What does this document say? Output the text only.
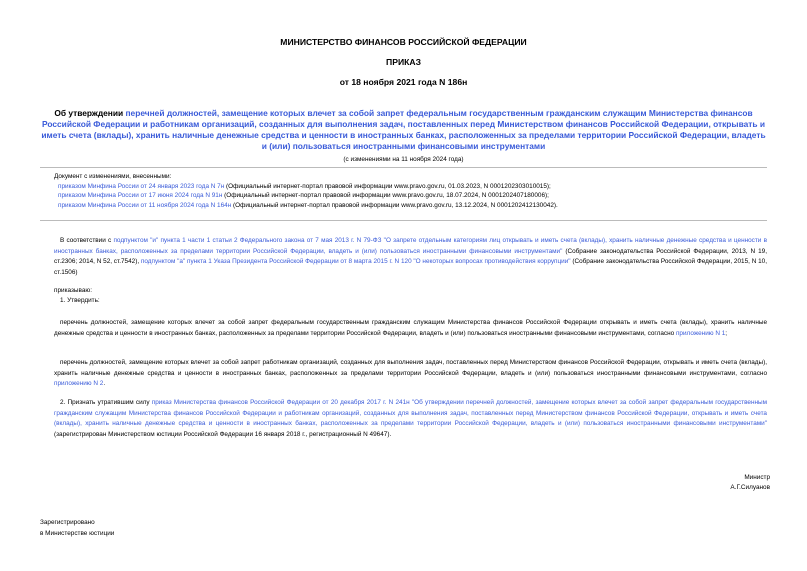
МИНИСТЕРСТВО ФИНАНСОВ РОССИЙСКОЙ ФЕДЕРАЦИИ
ПРИКАЗ
от 18 ноября 2021 года N 186н
Об утверждении перечней должностей, замещение которых влечет за собой запрет федеральным государственным гражданским служащим Министерства финансов Российской Федерации и работникам организаций, созданных для выполнения задач, поставленных перед Министерством финансов Российской Федерации, открывать и иметь счета (вклады), хранить наличные денежные средства и ценности в иностранных банках, расположенных за пределами территории Российской Федерации, владеть и (или) пользоваться иностранными финансовыми инструментами
(с изменениями на 11 ноября 2024 года)
Документ с изменениями, внесенными:
приказом Минфина России от 24 января 2023 года N 7н (Официальный интернет-портал правовой информации www.pravo.gov.ru, 01.03.2023, N 0001202303010015);
приказом Минфина России от 17 июня 2024 года N 91н (Официальный интернет-портал правовой информации www.pravo.gov.ru, 18.07.2024, N 0001202407180006);
приказом Минфина России от 11 ноября 2024 года N 164н (Официальный интернет-портал правовой информации www.pravo.gov.ru, 13.12.2024, N 0001202412130042).
В соответствии с подпунктом "и" пункта 1 части 1 статьи 2 Федерального закона от 7 мая 2013 г. N 79-ФЗ "О запрете отдельным категориям лиц открывать и иметь счета (вклады), хранить наличные денежные средства и ценности в иностранных банках, расположенных за пределами территории Российской Федерации, владеть и (или) пользоваться иностранными финансовыми инструментами" (Собрание законодательства Российской Федерации, 2013, N 19, ст.2306; 2014, N 52, ст.7542), подпунктом "а" пункта 1 Указа Президента Российской Федерации от 8 марта 2015 г. N 120 "О некоторых вопросах противодействия коррупции" (Собрание законодательства Российской Федерации, 2015, N 10, ст.1506)
приказываю:
1. Утвердить:
перечень должностей, замещение которых влечет за собой запрет федеральным государственным гражданским служащим Министерства финансов Российской Федерации открывать и иметь счета (вклады), хранить наличные денежные средства и ценности в иностранных банках, расположенных за пределами территории Российской Федерации, владеть и (или) пользоваться иностранными финансовыми инструментами, согласно приложению N 1;
перечень должностей, замещение которых влечет за собой запрет работникам организаций, созданных для выполнения задач, поставленных перед Министерством финансов Российской Федерации, открывать и иметь счета (вклады), хранить наличные денежные средства и ценности в иностранных банках, расположенных за пределами территории Российской Федерации, владеть и (или) пользоваться иностранными финансовыми инструментами, согласно приложению N 2.
2. Признать утратившим силу приказ Министерства финансов Российской Федерации от 20 декабря 2017 г. N 241н "Об утверждении перечней должностей, замещение которых влечет за собой запрет федеральным государственным гражданским служащим Министерства финансов Российской Федерации и работникам организаций, созданных для выполнения задач, поставленных перед Министерством финансов Российской Федерации, открывать и иметь счета (вклады), хранить наличные денежные средства и ценности в иностранных банках, расположенных за пределами территории Российской Федерации, владеть и (или) пользоваться иностранными финансовыми инструментами" (зарегистрирован Министерством юстиции Российской Федерации 16 января 2018 г., регистрационный N 49647).
Министр
А.Г.Силуанов
Зарегистрировано
в Министерстве юстиции
